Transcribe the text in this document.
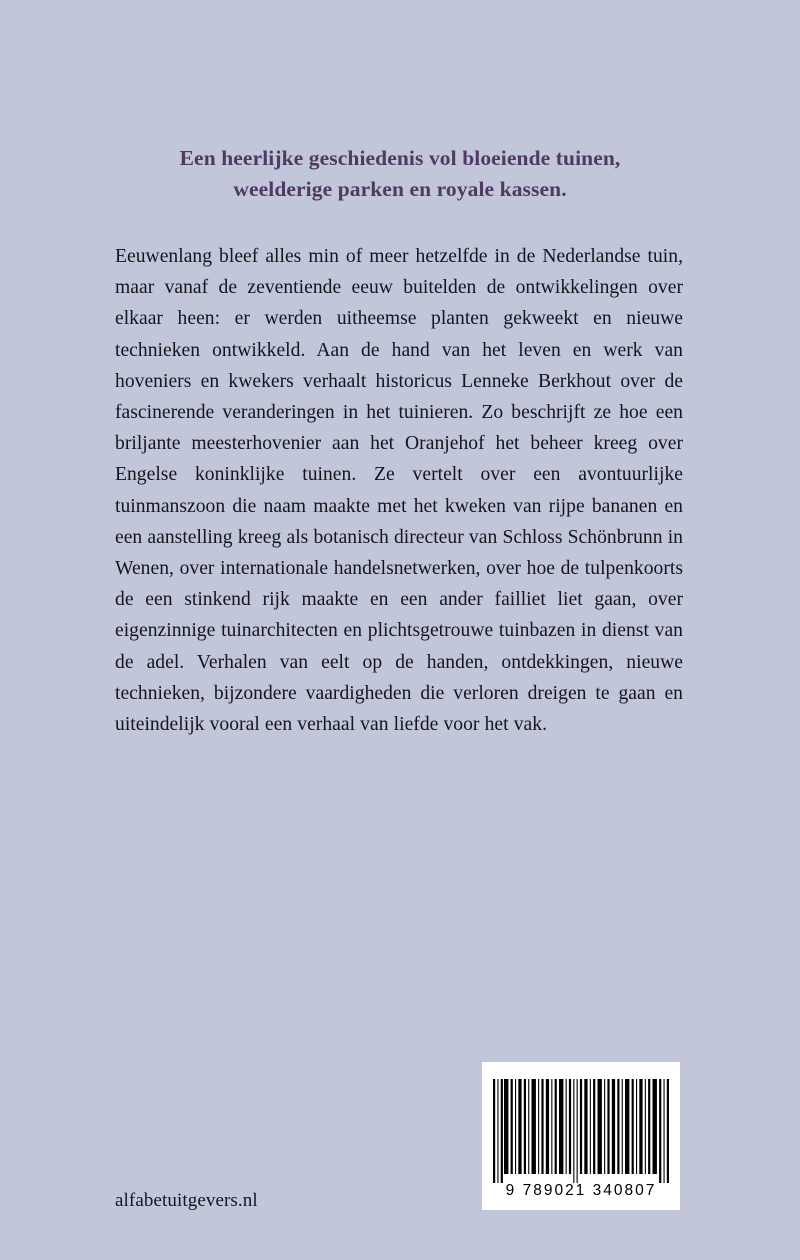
Een heerlijke geschiedenis vol bloeiende tuinen,
weelderige parken en royale kassen.

Eeuwenlang bleef alles min of meer hetzelfde in de Nederlandse tuin, maar vanaf de zeventiende eeuw buitelden de ontwikkelingen over elkaar heen: er werden uitheemse planten gekweekt en nieuwe technieken ontwikkeld. Aan de hand van het leven en werk van hoveniers en kwekers verhaalt historicus Lenneke Berkhout over de fascinerende veranderingen in het tuinieren. Zo beschrijft ze hoe een briljante meesterhovenier aan het Oranjehof het beheer kreeg over Engelse koninklijke tuinen. Ze vertelt over een avontuurlijke tuinmanszoon die naam maakte met het kweken van rijpe bananen en een aanstelling kreeg als botanisch directeur van Schloss Schönbrunn in Wenen, over internationale handelsnetwerken, over hoe de tulpenkoorts de een stinkend rijk maakte en een ander failliet liet gaan, over eigenzinnige tuinarchitecten en plichtsgetrouwe tuinbazen in dienst van de adel. Verhalen van eelt op de handen, ontdekkingen, nieuwe technieken, bijzondere vaardigheden die verloren dreigen te gaan en uiteindelijk vooral een verhaal van liefde voor het vak.

alfabetuitgevers.nl	9 789021 340807
